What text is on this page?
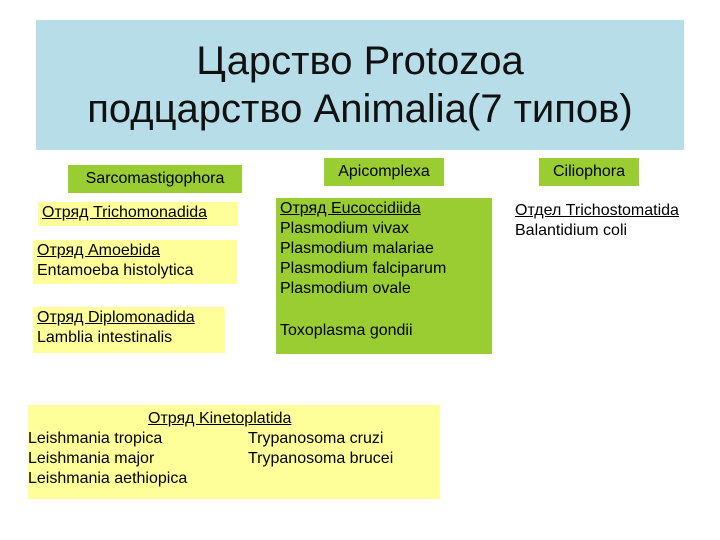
Царство Protozoa
подцарство Animalia(7 типов)
Sarcomastigophora	Apicomplexa	Ciliophora
Отряд Trichomonadida
Отряд Amoebida
Entamoeba histolytica
Отряд Diplomonadida
Lamblia intestinalis
Отряд Eucoccidiida
Plasmodium vivax
Plasmodium malariae
Plasmodium falciparum
Plasmodium ovale
Toxoplasma gondii
Отдел Trichostomatida
Balantidium coli
Отряд Kinetoplatida
Leishmania tropica	Trypanosoma cruzi
Leishmania major	Trypanosoma brucei
Leishmania aethiopica
